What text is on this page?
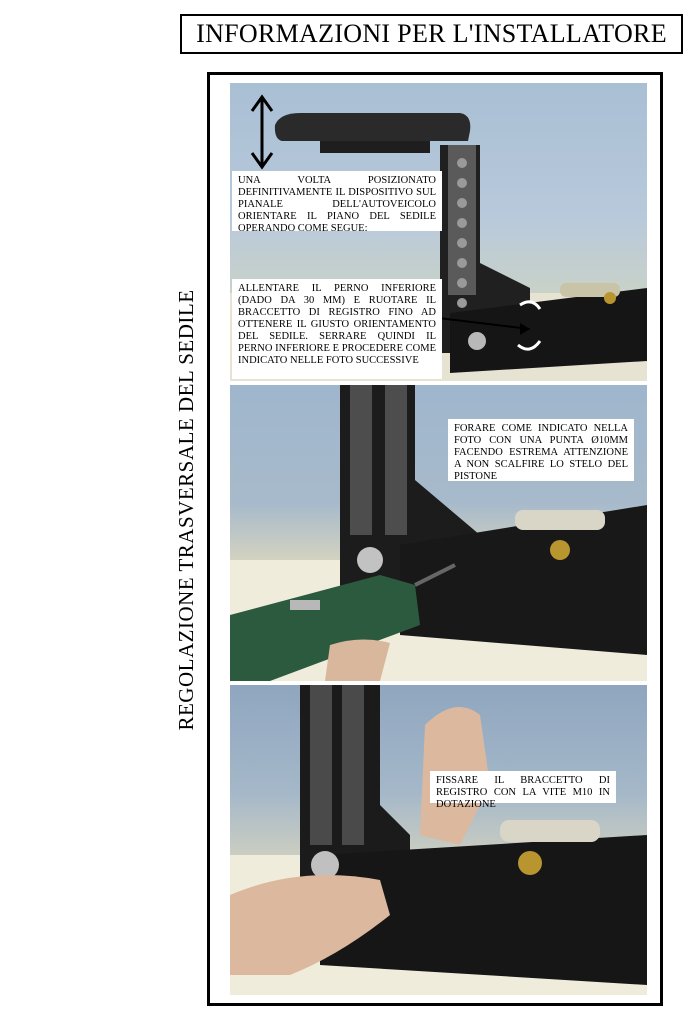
INFORMAZIONI PER L'INSTALLATORE
REGOLAZIONE TRASVERSALE DEL SEDILE

UNA VOLTA POSIZIONATO DEFINITIVAMENTE IL DISPOSITIVO SUL PIANALE DELL'AUTOVEICOLO ORIENTARE IL PIANO DEL SEDILE OPERANDO COME SEGUE:

ALLENTARE IL PERNO INFERIORE (DADO DA 30 MM) E RUOTARE IL BRACCETTO DI REGISTRO FINO AD OTTENERE IL GIUSTO ORIENTAMENTO DEL SEDILE. SERRARE QUINDI IL PERNO INFERIORE E PROCEDERE COME INDICATO NELLE FOTO SUCCESSIVE

FORARE COME INDICATO NELLA FOTO CON UNA PUNTA Ø10MM FACENDO ESTREMA ATTENZIONE A NON SCALFIRE LO STELO DEL PISTONE

FISSARE IL BRACCETTO DI REGISTRO CON LA VITE M10 IN DOTAZIONE
